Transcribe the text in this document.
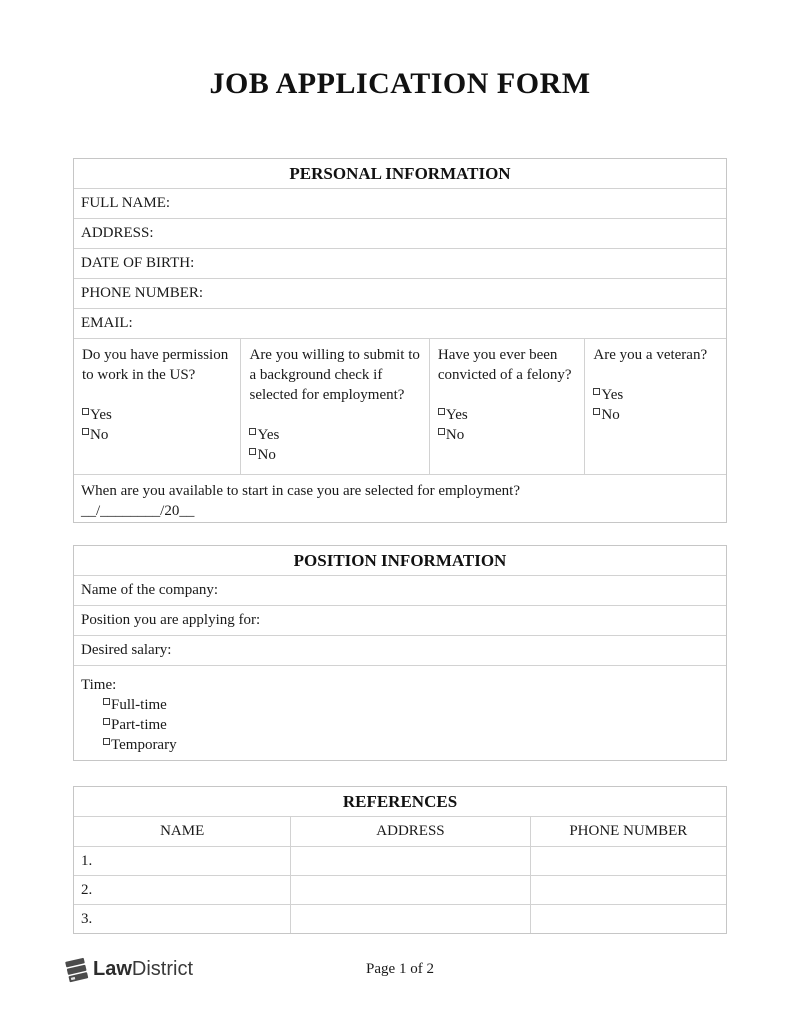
JOB APPLICATION FORM
PERSONAL INFORMATION
FULL NAME:
ADDRESS:
DATE OF BIRTH:
PHONE NUMBER:
EMAIL:
Do you have permission to work in the US?
Yes
No
Are you willing to submit to a background check if selected for employment?
Yes
No
Have you ever been convicted of a felony?
Yes
No
Are you a veteran?
Yes
No
When are you available to start in case you are selected for employment?
__/________/20__
POSITION INFORMATION
Name of the company:
Position you are applying for:
Desired salary:
Time:
Full-time
Part-time
Temporary
REFERENCES
NAME	ADDRESS	PHONE NUMBER
1.
2.
3.
Page 1 of 2
Law District
